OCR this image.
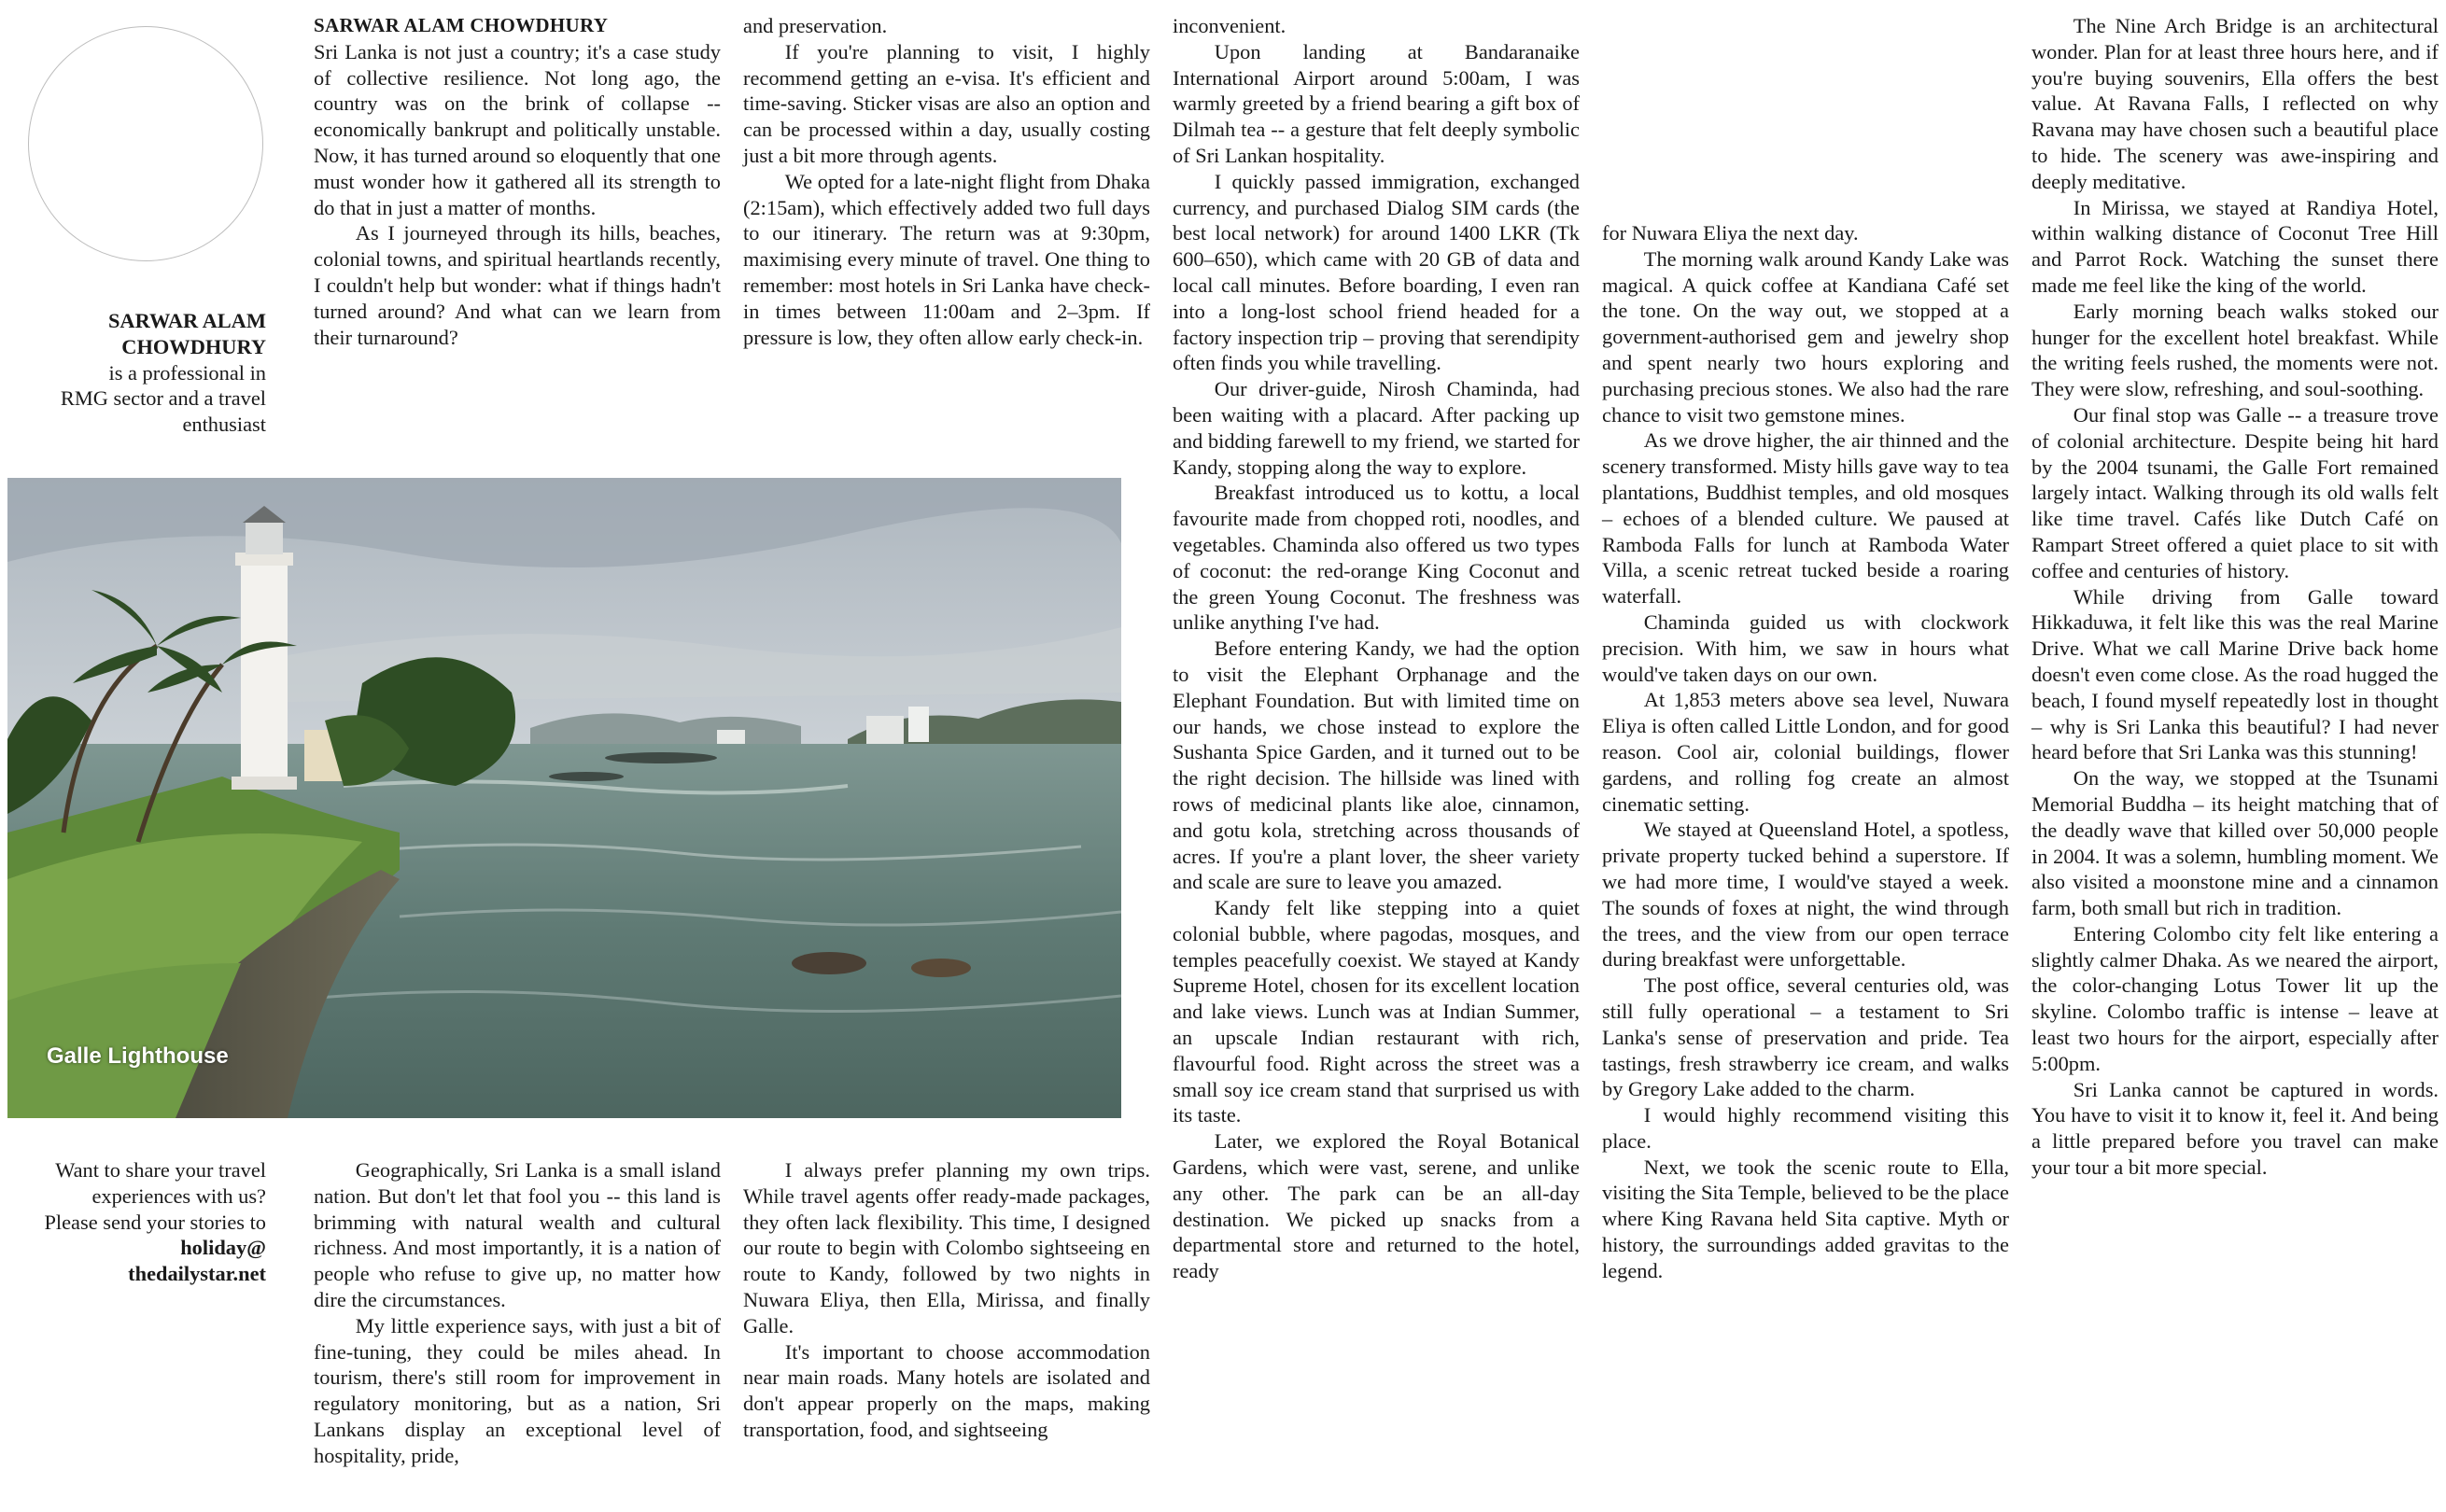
SARWAR ALAM CHOWDHURY
is a professional in RMG sector and a travel enthusiast

SARWAR ALAM CHOWDHURY

Sri Lanka is not just a country; it's a case study of collective resilience. Not long ago, the country was on the brink of collapse -- economically bankrupt and politically unstable. Now, it has turned around so eloquently that one must wonder how it gathered all its strength to do that in just a matter of months.

As I journeyed through its hills, beaches, colonial towns, and spiritual heartlands recently, I couldn't help but wonder: what if things hadn't turned around? And what can we learn from their turnaround?

and preservation.

If you're planning to visit, I highly recommend getting an e-visa. It's efficient and time-saving. Sticker visas are also an option and can be processed within a day, usually costing just a bit more through agents.

We opted for a late-night flight from Dhaka (2:15am), which effectively added two full days to our itinerary. The return was at 9:30pm, maximising every minute of travel. One thing to remember: most hotels in Sri Lanka have check-in times between 11:00am and 2–3pm. If pressure is low, they often allow early check-in.

Galle Lighthouse
Want to share your travel experiences with us? Please send your stories to
holiday@ thedailystar.net

Geographically, Sri Lanka is a small island nation. But don't let that fool you -- this land is brimming with natural wealth and cultural richness. And most importantly, it is a nation of people who refuse to give up, no matter how dire the circumstances.

My little experience says, with just a bit of fine-tuning, they could be miles ahead. In tourism, there's still room for improvement in regulatory monitoring, but as a nation, Sri Lankans display an exceptional level of hospitality, pride,

I always prefer planning my own trips. While travel agents offer ready-made packages, they often lack flexibility. This time, I designed our route to begin with Colombo sightseeing en route to Kandy, followed by two nights in Nuwara Eliya, then Ella, Mirissa, and finally Galle.

It's important to choose accommodation near main roads. Many hotels are isolated and don't appear properly on the maps, making transportation, food, and sightseeing

inconvenient.

Upon landing at Bandaranaike International Airport around 5:00am, I was warmly greeted by a friend bearing a gift box of Dilmah tea -- a gesture that felt deeply symbolic of Sri Lankan hospitality.

I quickly passed immigration, exchanged currency, and purchased Dialog SIM cards (the best local network) for around 1400 LKR (Tk 600–650), which came with 20 GB of data and local call minutes. Before boarding, I even ran into a long-lost school friend headed for a factory inspection trip – proving that serendipity often finds you while travelling.

Our driver-guide, Nirosh Chaminda, had been waiting with a placard. After packing up and bidding farewell to my friend, we started for Kandy, stopping along the way to explore.

Breakfast introduced us to kottu, a local favourite made from chopped roti, noodles, and vegetables. Chaminda also offered us two types of coconut: the red-orange King Coconut and the green Young Coconut. The freshness was unlike anything I've had.

Before entering Kandy, we had the option to visit the Elephant Orphanage and the Elephant Foundation. But with limited time on our hands, we chose instead to explore the Sushanta Spice Garden, and it turned out to be the right decision. The hillside was lined with rows of medicinal plants like aloe, cinnamon, and gotu kola, stretching across thousands of acres. If you're a plant lover, the sheer variety and scale are sure to leave you amazed.

Kandy felt like stepping into a quiet colonial bubble, where pagodas, mosques, and temples peacefully coexist. We stayed at Kandy Supreme Hotel, chosen for its excellent location and lake views. Lunch was at Indian Summer, an upscale Indian restaurant with rich, flavourful food. Right across the street was a small soy ice cream stand that surprised us with its taste.

Later, we explored the Royal Botanical Gardens, which were vast, serene, and unlike any other. The park can be an all-day destination. We picked up snacks from a departmental store and returned to the hotel, ready

for Nuwara Eliya the next day.

The morning walk around Kandy Lake was magical. A quick coffee at Kandiana Café set the tone. On the way out, we stopped at a government-authorised gem and jewelry shop and spent nearly two hours exploring and purchasing precious stones. We also had the rare chance to visit two gemstone mines.

As we drove higher, the air thinned and the scenery transformed. Misty hills gave way to tea plantations, Buddhist temples, and old mosques – echoes of a blended culture. We paused at Ramboda Falls for lunch at Ramboda Water Villa, a scenic retreat tucked beside a roaring waterfall.

Chaminda guided us with clockwork precision. With him, we saw in hours what would've taken days on our own.

At 1,853 meters above sea level, Nuwara Eliya is often called Little London, and for good reason. Cool air, colonial buildings, flower gardens, and rolling fog create an almost cinematic setting.

We stayed at Queensland Hotel, a spotless, private property tucked behind a superstore. If we had more time, I would've stayed a week. The sounds of foxes at night, the wind through the trees, and the view from our open terrace during breakfast were unforgettable.

The post office, several centuries old, was still fully operational – a testament to Sri Lanka's sense of preservation and pride. Tea tastings, fresh strawberry ice cream, and walks by Gregory Lake added to the charm.

I would highly recommend visiting this place.

Next, we took the scenic route to Ella, visiting the Sita Temple, believed to be the place where King Ravana held Sita captive. Myth or history, the surroundings added gravitas to the legend.

The Nine Arch Bridge is an architectural wonder. Plan for at least three hours here, and if you're buying souvenirs, Ella offers the best value. At Ravana Falls, I reflected on why Ravana may have chosen such a beautiful place to hide. The scenery was awe-inspiring and deeply meditative.

In Mirissa, we stayed at Randiya Hotel, within walking distance of Coconut Tree Hill and Parrot Rock. Watching the sunset there made me feel like the king of the world.

Early morning beach walks stoked our hunger for the excellent hotel breakfast. While the writing feels rushed, the moments were not. They were slow, refreshing, and soul-soothing.

Our final stop was Galle -- a treasure trove of colonial architecture. Despite being hit hard by the 2004 tsunami, the Galle Fort remained largely intact. Walking through its old walls felt like time travel. Cafés like Dutch Café on Rampart Street offered a quiet place to sit with coffee and centuries of history.

While driving from Galle toward Hikkaduwa, it felt like this was the real Marine Drive. What we call Marine Drive back home doesn't even come close. As the road hugged the beach, I found myself repeatedly lost in thought – why is Sri Lanka this beautiful? I had never heard before that Sri Lanka was this stunning!

On the way, we stopped at the Tsunami Memorial Buddha – its height matching that of the deadly wave that killed over 50,000 people in 2004. It was a solemn, humbling moment. We also visited a moonstone mine and a cinnamon farm, both small but rich in tradition.

Entering Colombo city felt like entering a slightly calmer Dhaka. As we neared the airport, the color-changing Lotus Tower lit up the skyline. Colombo traffic is intense – leave at least two hours for the airport, especially after 5:00pm.

Sri Lanka cannot be captured in words. You have to visit it to know it, feel it. And being a little prepared before you travel can make your tour a bit more special.
